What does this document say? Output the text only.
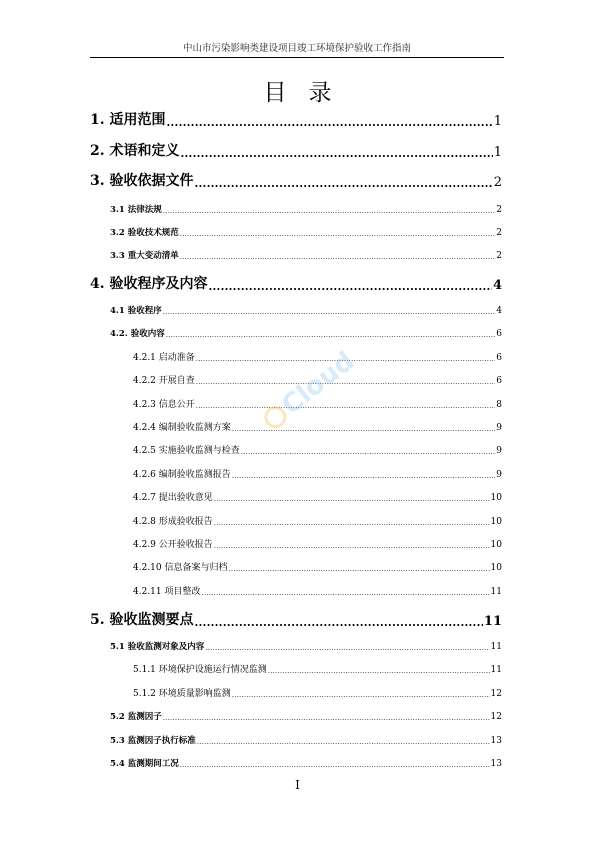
中山市污染影响类建设项目竣工环境保护验收工作指南
目录
1. 适用范围 .....	1
2. 术语和定义 .....	1
3. 验收依据文件 .....	2
3.1 法律法规 .....	2
3.2 验收技术规范 .....	2
3.3 重大变动清单 .....	2
4. 验收程序及内容 .....	4
4.1 验收程序 .....	4
4.2. 验收内容 .....	6
4.2.1 启动准备 .....	6
4.2.2 开展自查 .....	6
4.2.3 信息公开 .....	8
4.2.4 编制验收监测方案 .....	9
4.2.5 实施验收监测与检查 .....	9
4.2.6 编制验收监测报告 .....	9
4.2.7 提出验收意见 .....	10
4.2.8 形成验收报告 .....	10
4.2.9 公开验收报告 .....	10
4.2.10 信息备案与归档 .....	10
4.2.11 项目整改 .....	11
5. 验收监测要点 .....	11
5.1 验收监测对象及内容 .....	11
5.1.1 环境保护设施运行情况监测 .....	11
5.1.2 环境质量影响监测 .....	12
5.2 监测因子 .....	12
5.3 监测因子执行标准 .....	13
5.4 监测期间工况 .....	13
Cloud
I
